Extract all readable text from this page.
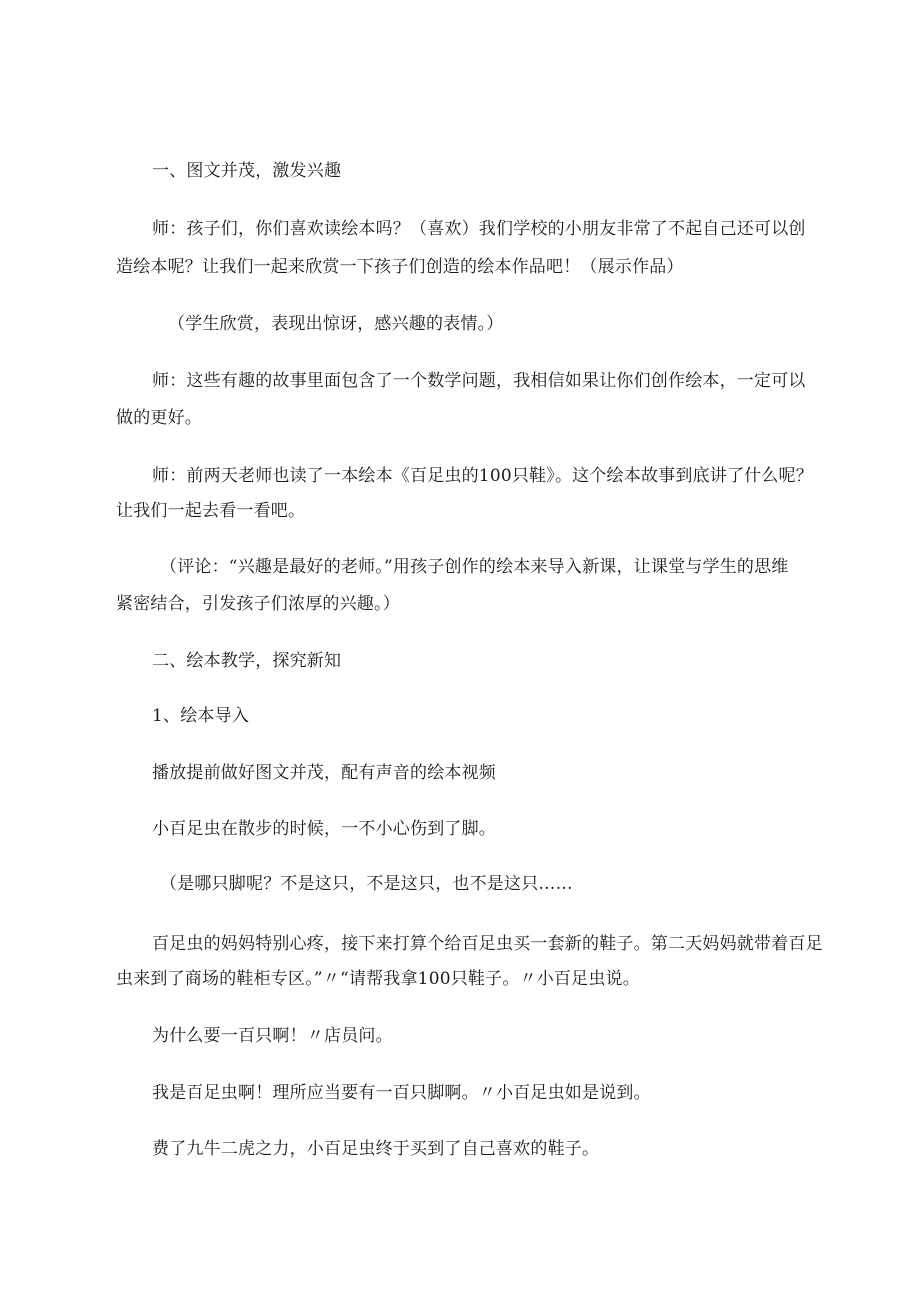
一、图文并茂，激发兴趣
师：孩子们，你们喜欢读绘本吗？（喜欢）我们学校的小朋友非常了不起自己还可以创
造绘本呢？让我们一起来欣赏一下孩子们创造的绘本作品吧！（展示作品）
（学生欣赏，表现出惊讶，感兴趣的表情。）
师：这些有趣的故事里面包含了一个数学问题，我相信如果让你们创作绘本，一定可以
做的更好。
师：前两天老师也读了一本绘本《百足虫的100只鞋》。这个绘本故事到底讲了什么呢？
让我们一起去看一看吧。
（评论：“兴趣是最好的老师。”用孩子创作的绘本来导入新课，让课堂与学生的思维
紧密结合，引发孩子们浓厚的兴趣。）
二、绘本教学，探究新知
1、绘本导入
播放提前做好图文并茂，配有声音的绘本视频
小百足虫在散步的时候，一不小心伤到了脚。
（是哪只脚呢？不是这只，不是这只，也不是这只……
百足虫的妈妈特别心疼，接下来打算个给百足虫买一套新的鞋子。第二天妈妈就带着百足
虫来到了商场的鞋柜专区。”〃“请帮我拿100只鞋子。〃小百足虫说。
为什么要一百只啊！〃店员问。
我是百足虫啊！理所应当要有一百只脚啊。〃小百足虫如是说到。
费了九牛二虎之力，小百足虫终于买到了自己喜欢的鞋子。
